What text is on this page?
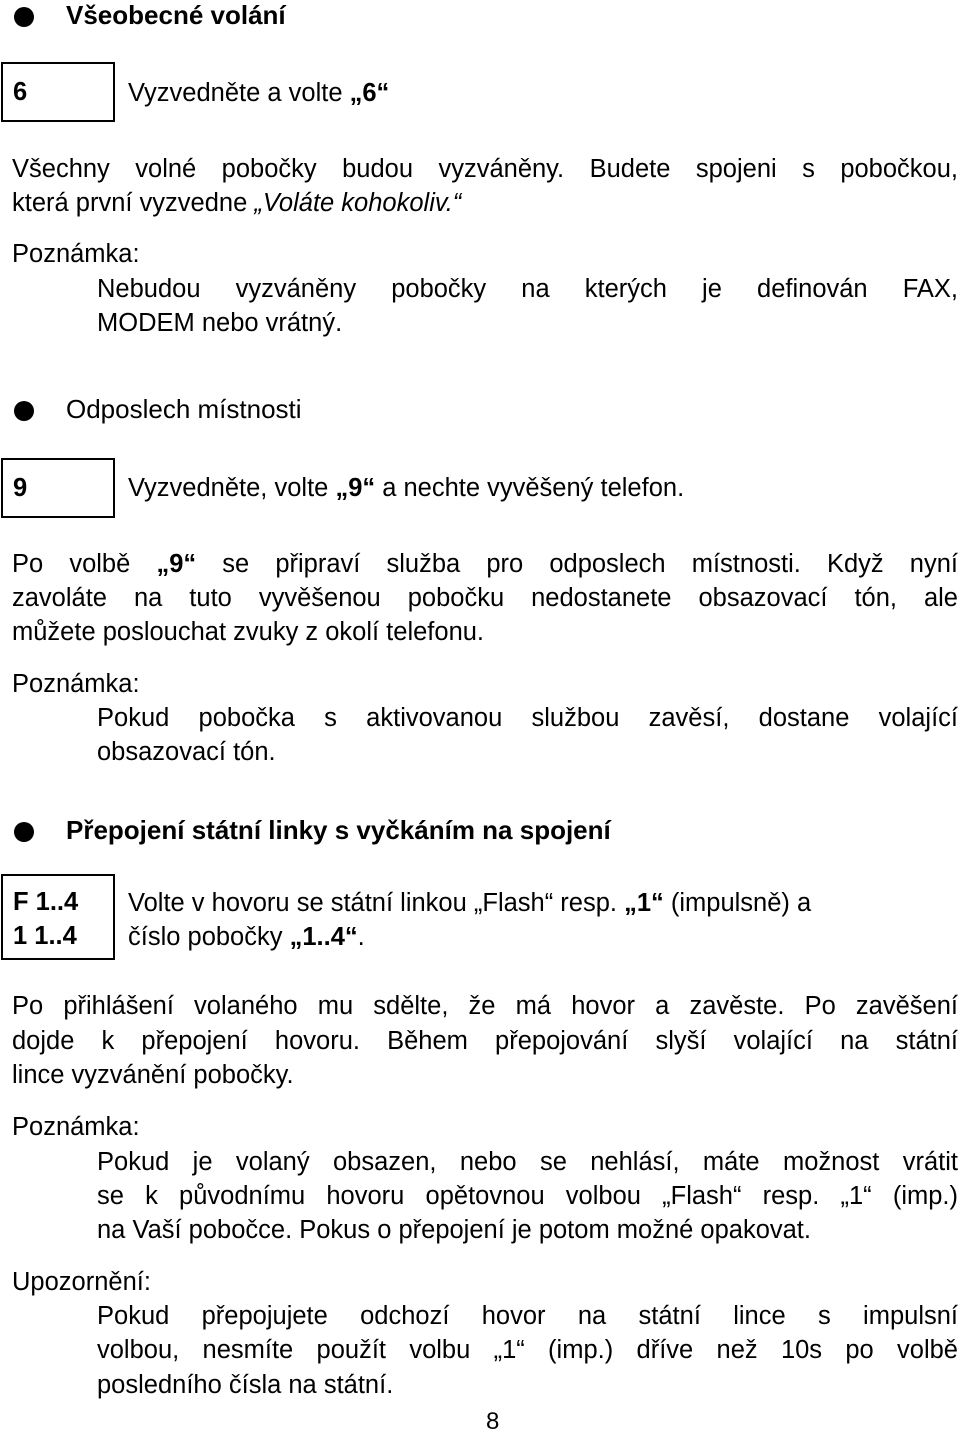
Všeobecné volání
6	Vyzvedněte a volte „6“
Všechny volné pobočky budou vyzváněny. Budete spojeni s pobočkou,
která první vyzvedne „Voláte kohokoliv.“
Poznámka:
Nebudou vyzváněny pobočky na kterých je definován FAX,
MODEM nebo vrátný.
Odposlech místnosti
9	Vyzvedněte, volte „9“ a nechte vyvěšený telefon.
Po volbě „9“ se připraví služba pro odposlech místnosti. Když nyní
zavoláte na tuto vyvěšenou pobočku nedostanete obsazovací tón, ale
můžete poslouchat zvuky z okolí telefonu.
Poznámka:
Pokud pobočka s aktivovanou službou zavěsí, dostane volající
obsazovací tón.
Přepojení státní linky s vyčkáním na spojení
F 1..4
1 1..4
Volte v hovoru se státní linkou „Flash“ resp. „1“ (impulsně) a
číslo pobočky „1..4“.
Po přihlášení volaného mu sdělte, že má hovor a zavěste. Po zavěšení
dojde k přepojení hovoru. Během přepojování slyší volající na státní
lince vyzvánění pobočky.
Poznámka:
Pokud je volaný obsazen, nebo se nehlásí, máte možnost vrátit
se k původnímu hovoru opětovnou volbou „Flash“ resp. „1“ (imp.)
na Vaší pobočce. Pokus o přepojení je potom možné opakovat.
Upozornění:
Pokud přepojujete odchozí hovor na státní lince s impulsní
volbou, nesmíte použít volbu „1“ (imp.) dříve než 10s po volbě
posledního čísla na státní.
8
